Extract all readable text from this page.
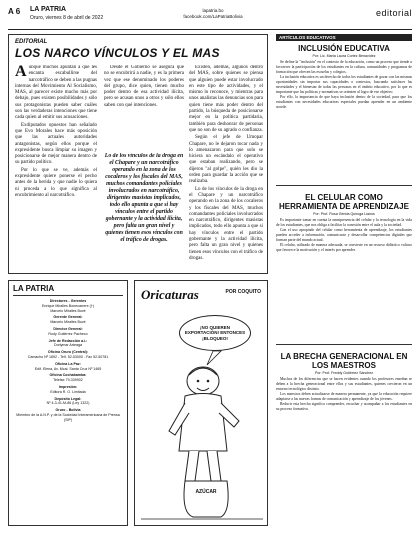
A 6 LA PATRIA
Oruro, viernes 8 de abril de 2022
lapatria.bo
facebook.com/LaPatriaBolivia	editorial
EDITORIAL
LOS NARCO VÍNCULOS Y EL MAS

Aunque muchos apuntan a que les encanta escabullirse del narcotráfico se deben a las pugnas internas del Movimiento Al Socialismo, MAS, al parecer existe mucho más por debajo, pues existen posibilidades y sólo sus protagonistas pueden saber cuáles son las verdaderas intenciones que tiene cada quien al emitir sus acusaciones.

Exdiputados opuestos han señalado que Evo Morales hace más oposición que las actuales autoridades antagonistas, según ellos porque el expresidente busca limpiar su imagen y posicionarse de mejor manera dentro de su partido político.

Por lo que se ve, además el expresidente quiere ponerse el pecho antes de la herida y que nadie lo quiera ni proceda a lo que significa al encubrimiento al narcotráfico.

Desde el Gobierno se asegura que no se encubrirá a nadie, y es la primera vez que ese denominado los poderes del grupo, dice quien, tienen mucho poder dentro de esa actividad ilícita, pero se acusan unos a otros y sólo ellos saben con qué intenciones.

Lo de los vínculos de la droga en el Chapare y un narcotráfico operando en la zona de los cocaleros y los fiscales del MAS, muchos comandantes policiales involucrados en narcotráfico, dirigentes masistas implicados, todo ello apunta a que si hay vínculos entre el partido gobernante y la actividad ilícita, pero falta un gran nivel y quienes tienen esos vínculos con el tráfico de drogas.

Existen, además, algunos dentro del MAS, sobre quienes se piensa que alguien puede estar involucrado en este tipo de actividades, y el mismo lo reconoce, y mientras para unos analistas las denuncias son para quien tiene más poder dentro del partido, la búsqueda de posicionarse mejor en la política partidaria, también para deshonrar de personas que no son de su agrado o confianza.

Según el jefe de Umopar Chapare, no le dejaron tocar nada y lo amenazaron para que solo se hiciera un escándalo el operativo que estaban realizando, pero se dijeron "al golpe", quién les dio la orden para guardar la acción que se realizaba.

Lo de los vínculos de la droga en el Chapare y un narcotráfico operando en la zona de los cocaleros y los fiscales del MAS, muchos comandantes policiales involucrados en narcotráfico, dirigentes masistas implicados, todo ello apunta a que si hay vínculos entre el partido gobernante y la actividad ilícita, pero falta un gran nivel y quienes tienen esos vínculos con el tráfico de drogas.

ARTÍCULOS EDUCATIVOS
INCLUSIÓN EDUCATIVA
Por: Lic. María Laura Cortez Benavídez

Se define la "inclusión" en el contexto de la educación, como un proceso que tiende a favorecer la participación de los estudiantes en la cultura, comunidades y programas de formación que ofrecen las escuelas y colegios.

La inclusión educativa es un derecho de todos los estudiantes de gozar con las mismas oportunidades sin importar sus capacidades o contextos, buscando satisfacer las necesidades y el bienestar de todas las personas en el ámbito educativo, por lo que es importante que las políticas y normativas se orienten al logro de ese objetivo.

Por ello, la importancia de que haya inclusión dentro de la sociedad, para que los estudiantes con necesidades educativas especiales puedan aprender en un ambiente acorde.

EL CELULAR COMO HERRAMIENTA DE APRENDIZAJE
Por: Prof. Rosa Gérida Quiroga Llanos

Es importante tomar en cuenta la omnipresencia del celular y la tecnología en la vida de los estudiantes, que nos obliga a facilitar la conexión entre el aula y la sociedad.

Con el uso apropiado del celular como herramienta de aprendizaje, los estudiantes pueden acceder a información, comunicarse y desarrollar competencias digitales que forman parte del mundo actual.

El celular, utilizado de manera adecuada, se convierte en un recurso didáctico valioso que favorece la motivación y el interés por aprender.

LA BRECHA GENERACIONAL EN LOS MAESTROS
Por: Prof. Freddy Gutiérrez Sánchez

Muchos de los diferencias que se hacen evidentes cuando los profesores enseñan se deben a la brecha generacional entre ellos y sus estudiantes, quienes crecieron en un entorno tecnológico distinto.

Los maestros deben actualizarse de manera permanente, ya que la educación requiere adaptarse a las nuevas formas de comunicación y aprendizaje de los jóvenes.

Reducir esta brecha significa comprender, escuchar y acompañar a los estudiantes en su proceso formativo.

LA PATRIA
Directores - Gerentes
Enrique Miralles Bonecarrere (†)
Marcelo Miralles Bové
Gerente General:
Marcelo Miralles Bové
Director General:
Rudy Gutiérrez Pacheco
Jefe de Redacción a.i.:
Dorlymar Arteaga
Oficina Oruro (Central):
Camacho Nº 1892 - Telf. 52-53000 - Fax 52-50781
Oficina La Paz:
Edif. Elena, Av. Mcal. Santa Cruz Nº 1465
Oficina Cochabamba:
Telefax 79-339902
Impresión:
Editora R. O. Limitada
Depósito Legal:
Nº 4-3-41-M-86 (Ley 1322)
Oruro - Bolivia
Miembro de la A.N.P. y de la Sociedad Interamericana de Prensa (SIP)
Oricaturas	POR COQUITO
¡NO QUIEREN EXPORTACIÓN! ENTONCES ¡BLOQUEO!
AZÚCAR
